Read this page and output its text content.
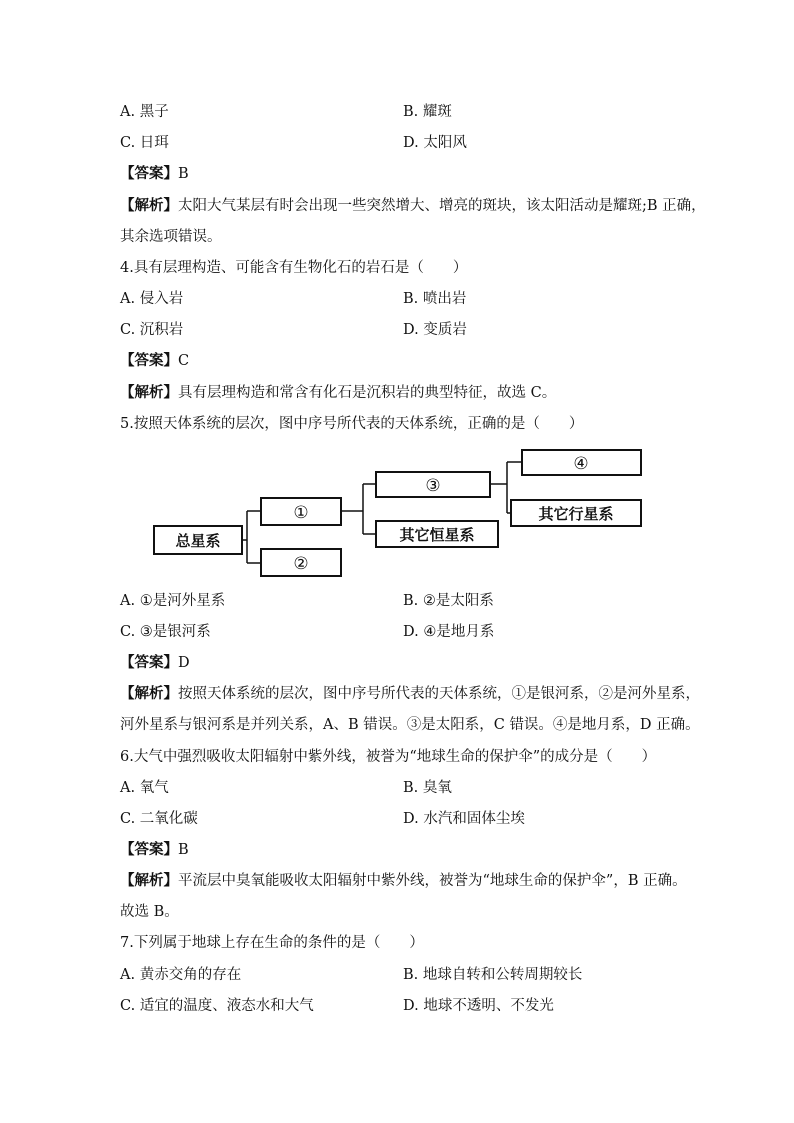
A. 黑子	B. 耀斑
C. 日珥	D. 太阳风
【答案】B
【解析】太阳大气某层有时会出现一些突然增大、增亮的斑块，该太阳活动是耀斑;B 正确，
其余选项错误。
4.具有层理构造、可能含有生物化石的岩石是（　　）
A. 侵入岩	B. 喷出岩
C. 沉积岩	D. 变质岩
【答案】C
【解析】具有层理构造和常含有化石是沉积岩的典型特征，故选 C。
5.按照天体系统的层次，图中序号所代表的天体系统，正确的是（　　）
总星系
①
②
③
其它恒星系
④
其它行星系
A. ①是河外星系	B. ②是太阳系
C. ③是银河系	D. ④是地月系
【答案】D
【解析】按照天体系统的层次，图中序号所代表的天体系统，①是银河系，②是河外星系，
河外星系与银河系是并列关系，A、B 错误。③是太阳系，C 错误。④是地月系，D 正确。
6.大气中强烈吸收太阳辐射中紫外线，被誉为“地球生命的保护伞”的成分是（　　）
A. 氧气	B. 臭氧
C. 二氧化碳	D. 水汽和固体尘埃
【答案】B
【解析】平流层中臭氧能吸收太阳辐射中紫外线，被誉为“地球生命的保护伞”，B 正确。
故选 B。
7.下列属于地球上存在生命的条件的是（　　）
A. 黄赤交角的存在	B. 地球自转和公转周期较长
C. 适宜的温度、液态水和大气	D. 地球不透明、不发光
